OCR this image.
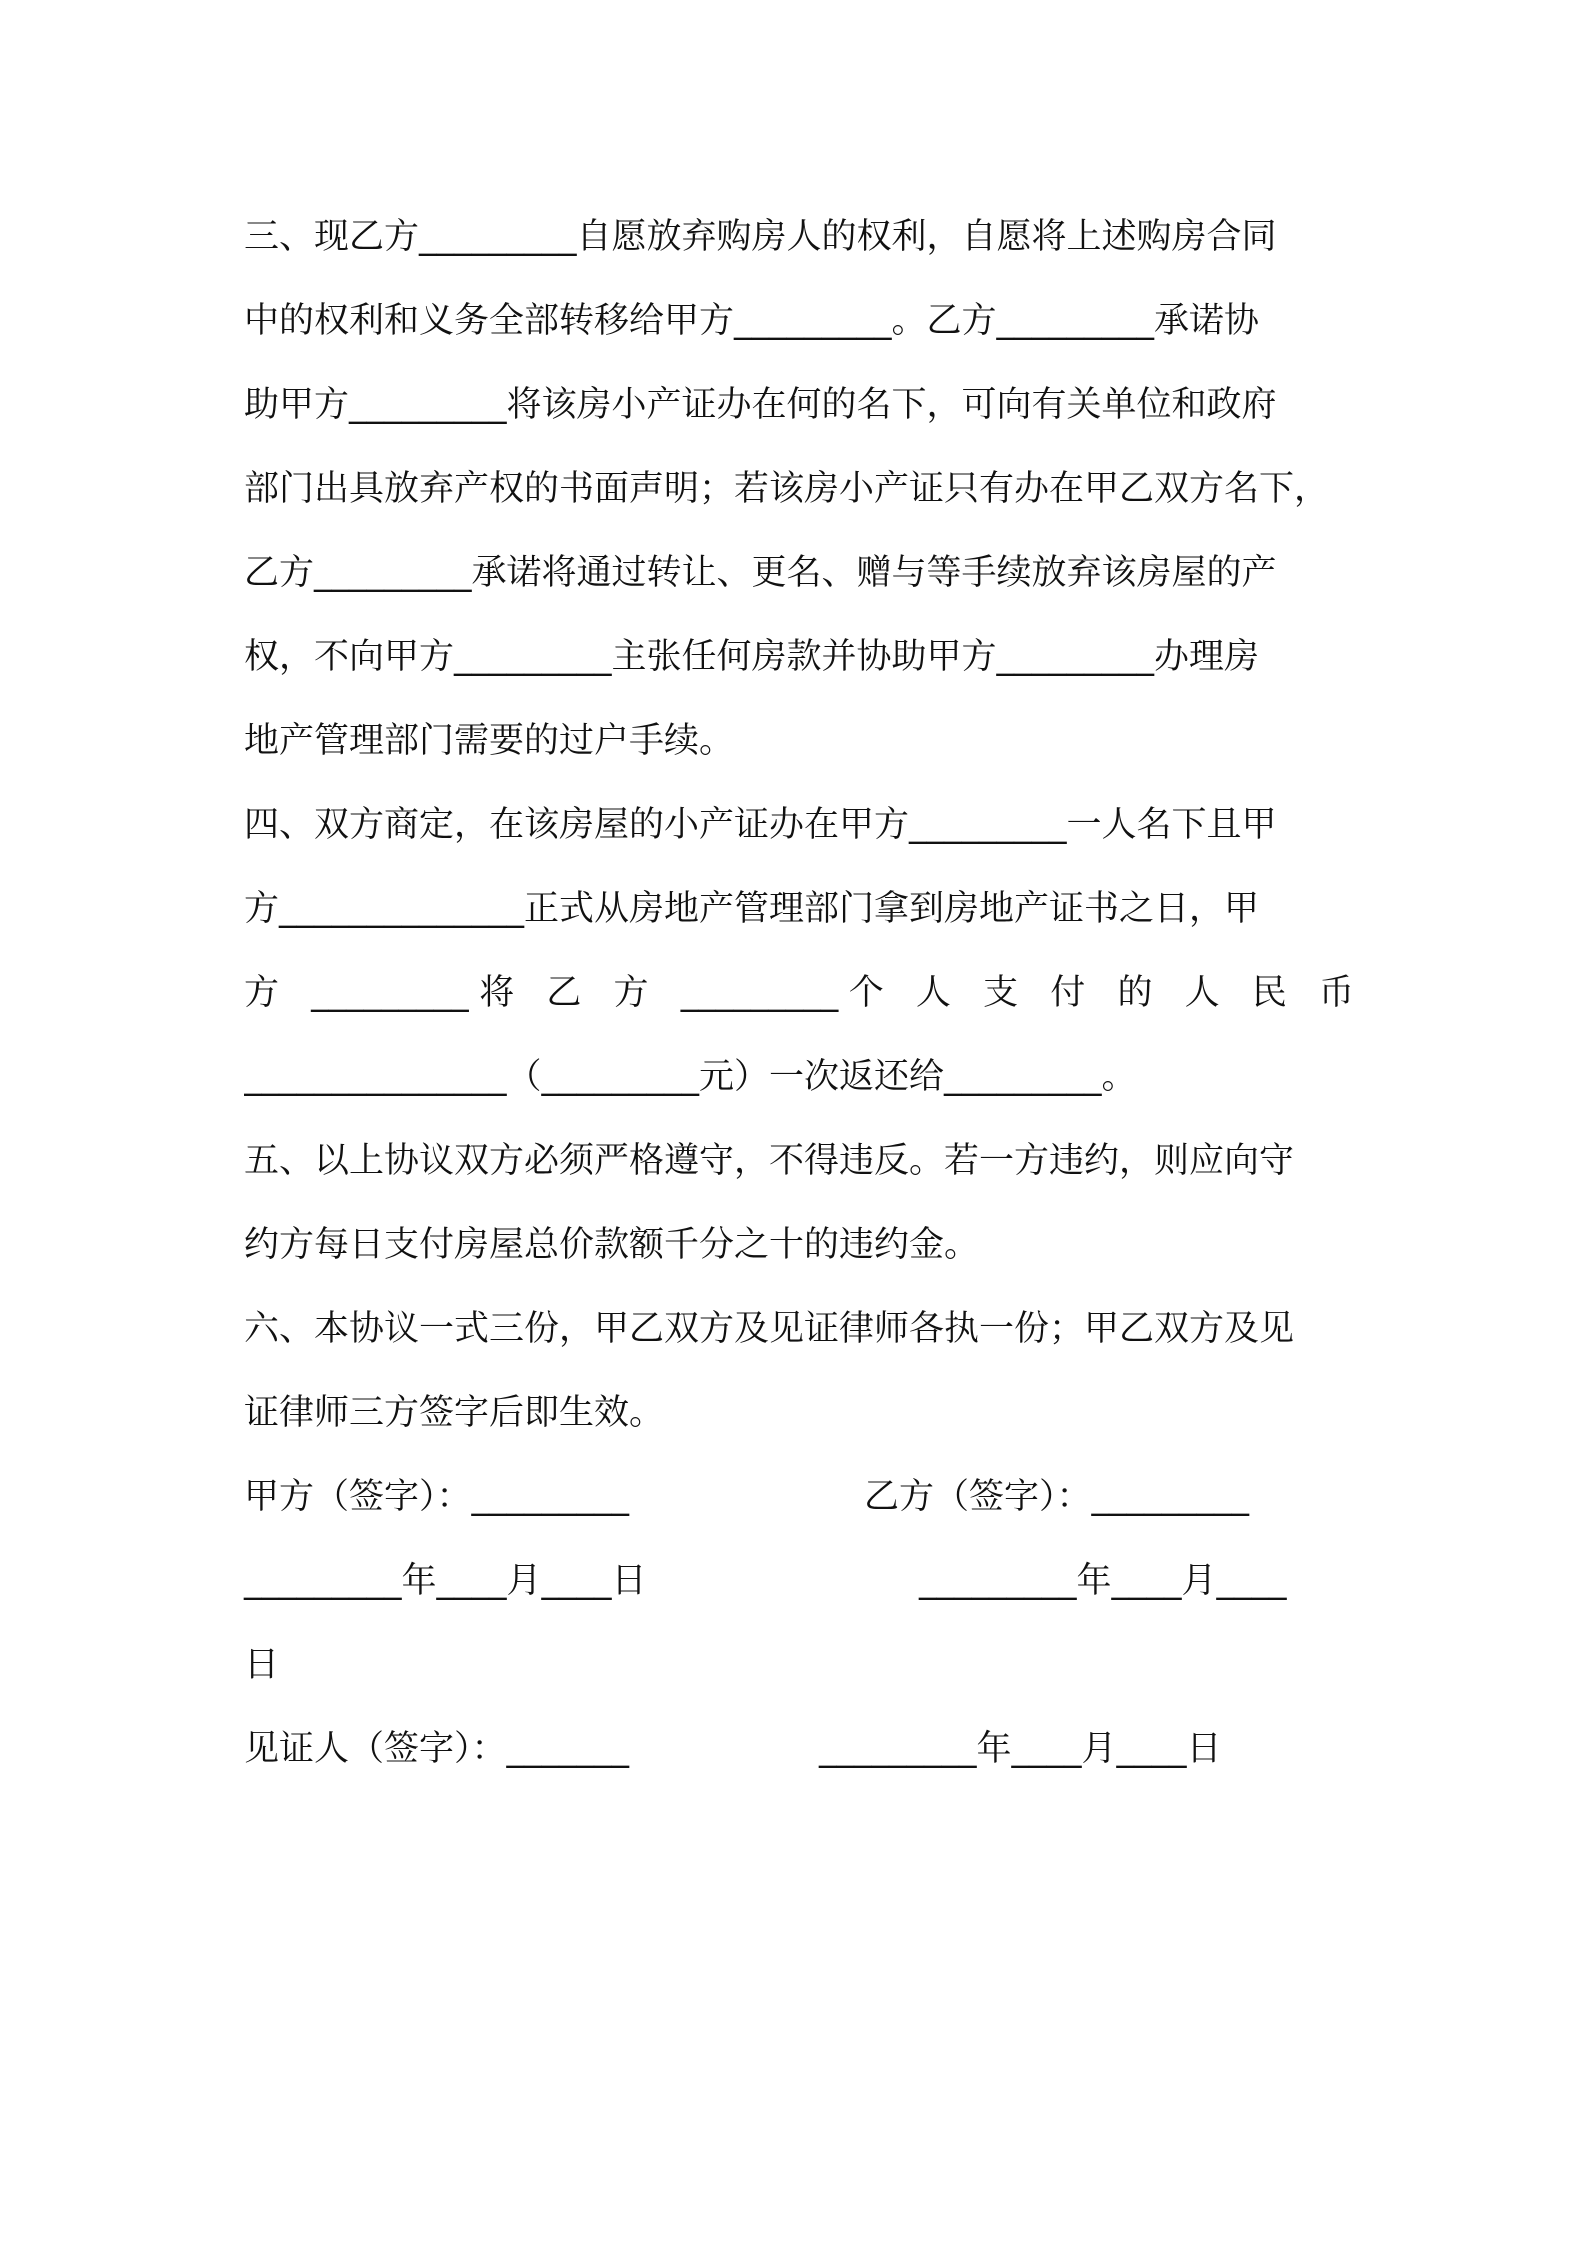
三、现乙方_________自愿放弃购房人的权利，自愿将上述购房合同
中的权利和义务全部转移给甲方_________。乙方_________承诺协
助甲方_________将该房小产证办在何的名下，可向有关单位和政府
部门出具放弃产权的书面声明；若该房小产证只有办在甲乙双方名下，
乙方_________承诺将通过转让、更名、赠与等手续放弃该房屋的产
权，不向甲方_________主张任何房款并协助甲方_________办理房
地产管理部门需要的过户手续。
四、双方商定，在该房屋的小产证办在甲方_________一人名下且甲
方______________正式从房地产管理部门拿到房地产证书之日，甲
方 _________将 乙 方 _________个 人 支 付 的 人 民 币
_______________（_________元）一次返还给_________。
五、以上协议双方必须严格遵守，不得违反。若一方违约，则应向守
约方每日支付房屋总价款额千分之十的违约金。
六、本协议一式三份，甲乙双方及见证律师各执一份；甲乙双方及见
证律师三方签字后即生效。
甲方（签字）：_________	乙方（签字）：_________
_________年____月____日	_________年____月____
日
见证人（签字）：_______	_________年____月____日
